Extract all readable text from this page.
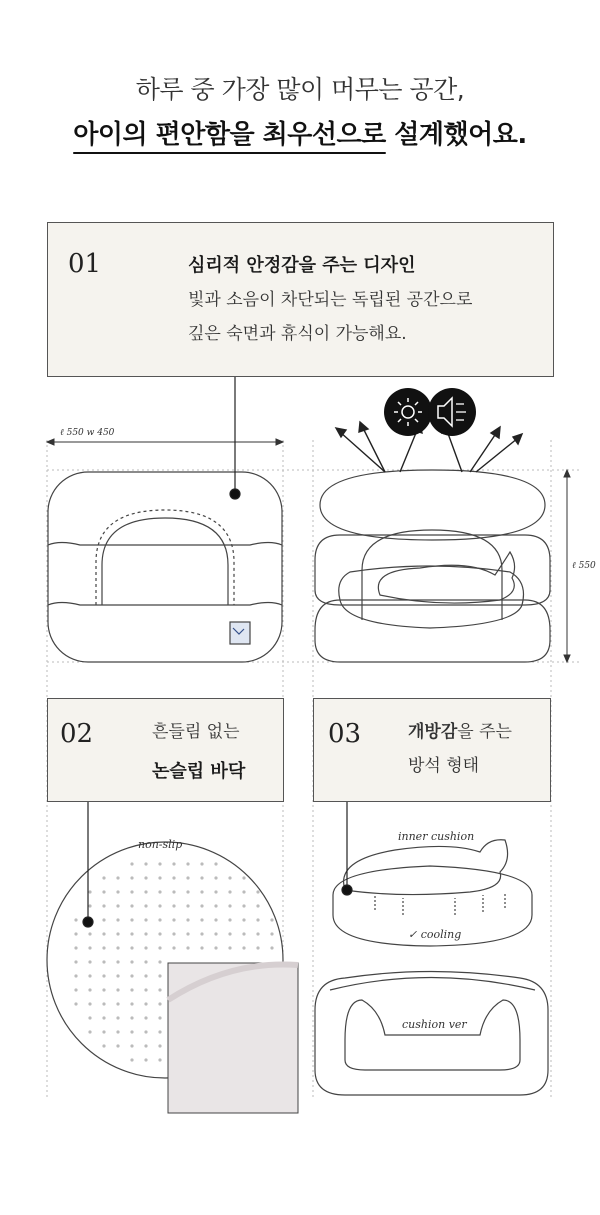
하루 중 가장 많이 머무는 공간,
아이의 편안함을 최우선으로 설계했어요.
01	심리적 안정감을 주는 디자인
빛과 소음이 차단되는 독립된 공간으로
깊은 숙면과 휴식이 가능해요.
02	흔들림 없는
논슬립 바닥
03	개방감을 주는
방석 형태
ℓ 550 w 450
ℓ 550
non-slip
inner cushion
✓ cooling
cushion ver
